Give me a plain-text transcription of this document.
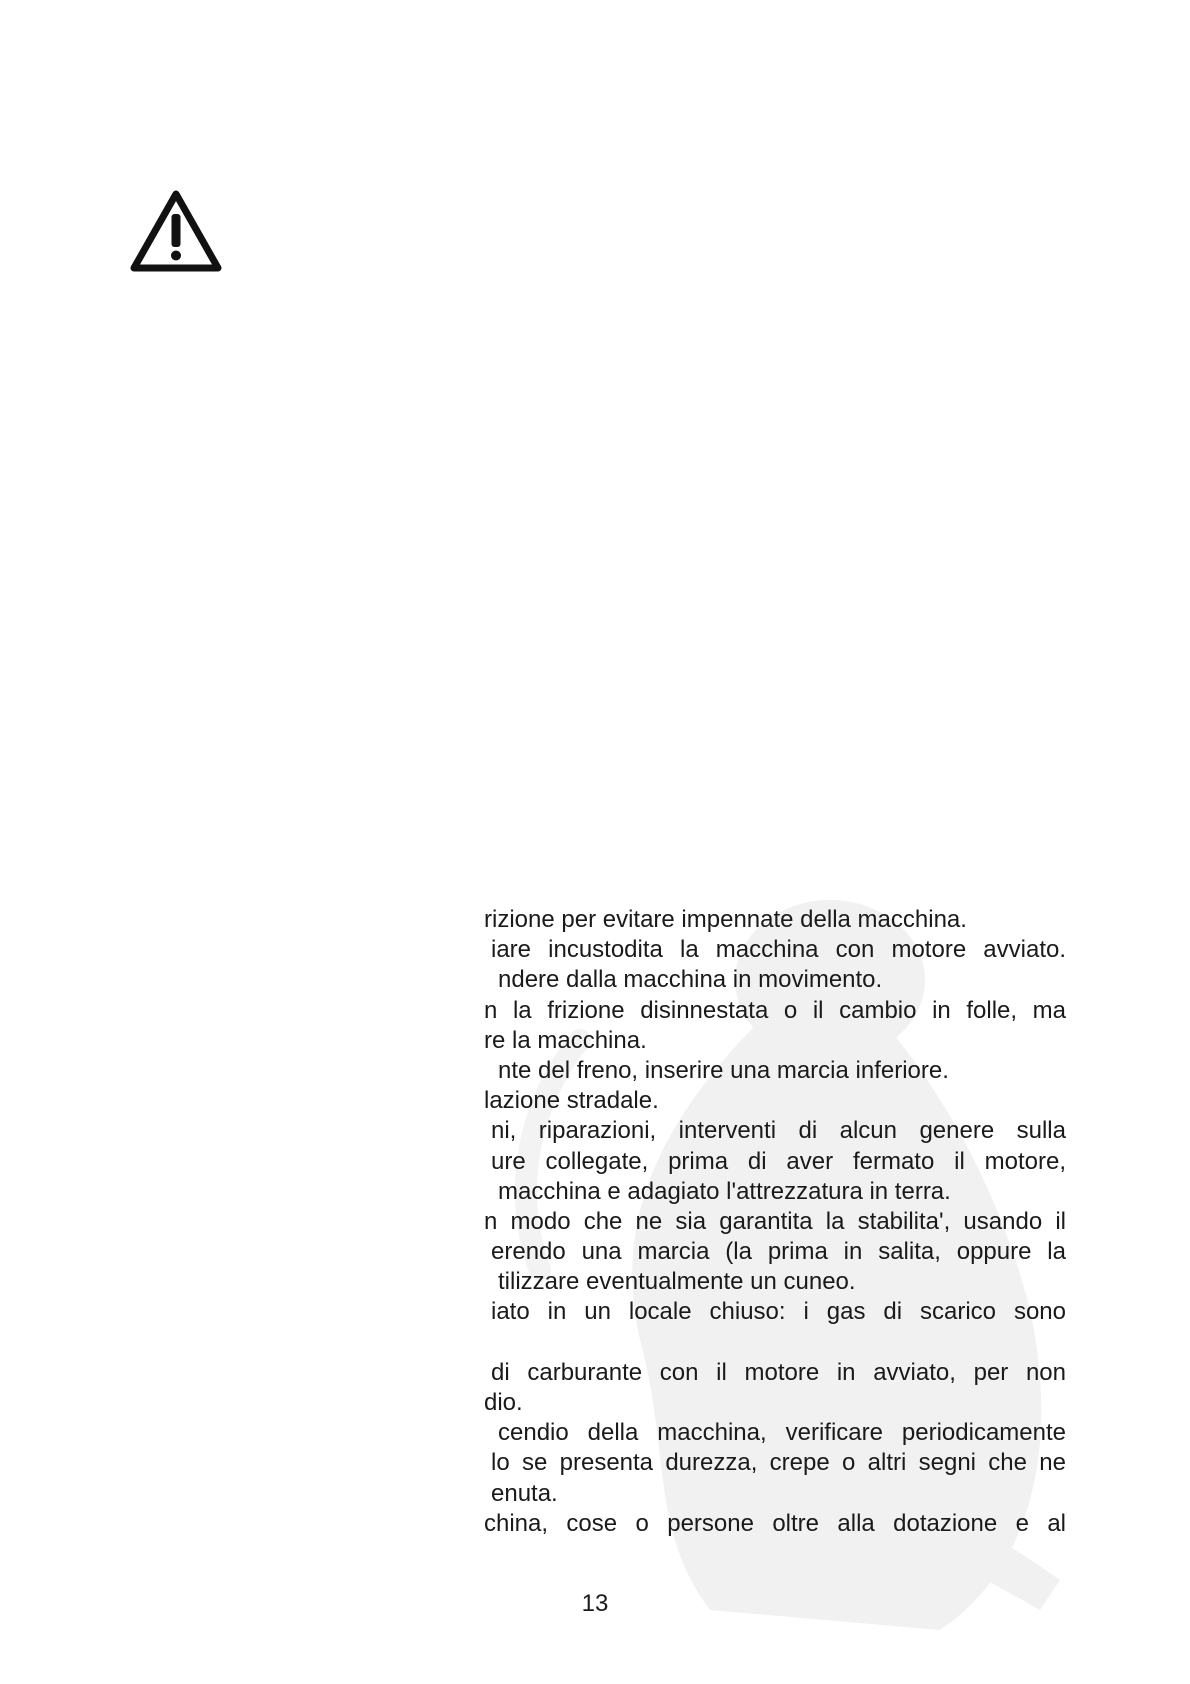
rizione per evitare impennate della macchina.
iare incustodita la macchina con motore avviato.
ndere dalla macchina in movimento.
n la frizione disinnestata o il cambio in folle, ma
re la macchina.
nte del freno, inserire una marcia inferiore.
lazione stradale.
ni, riparazioni, interventi di alcun genere sulla
ure collegate, prima di aver fermato il motore,
macchina e adagiato l'attrezzatura in terra.
n modo che ne sia garantita la stabilita', usando il
erendo una marcia (la prima in salita, oppure la
tilizzare eventualmente un cuneo.
iato in un locale chiuso: i gas di scarico sono
di carburante con il motore in avviato, per non
dio.
cendio della macchina, verificare periodicamente
lo se presenta durezza, crepe o altri segni che ne
enuta.
china, cose o persone oltre alla dotazione e al
13
